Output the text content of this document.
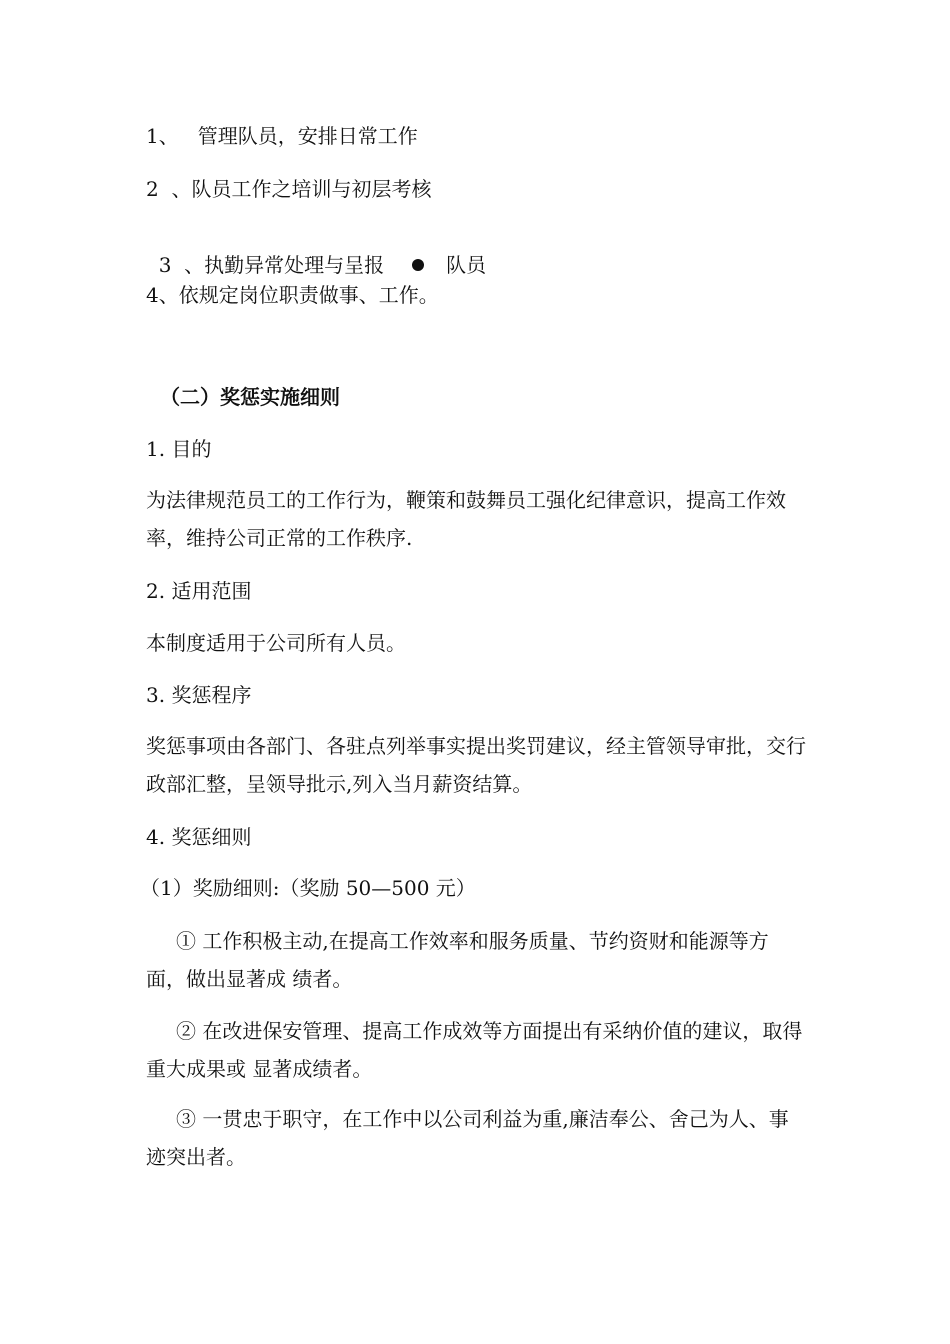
1、   管理队员，安排日常工作
2  、队员工作之培训与初层考核

3  、执勤异常处理与呈报	队员

4、依规定岗位职责做事、工作。
（二）奖惩实施细则
1. 目的
为法律规范员工的工作行为，鞭策和鼓舞员工强化纪律意识，提高工作效率，维持公司正常的工作秩序.
2. 适用范围
本制度适用于公司所有人员。
3. 奖惩程序
奖惩事项由各部门、各驻点列举事实提出奖罚建议，经主管领导审批，交行政部汇整，呈领导批示,列入当月薪资结算。
4. 奖惩细则
（1）奖励细则:（奖励 50—500 元）
① 工作积极主动,在提高工作效率和服务质量、节约资财和能源等方面，做出显著成 绩者。
② 在改进保安管理、提高工作成效等方面提出有采纳价值的建议，取得重大成果或 显著成绩者。
③ 一贯忠于职守，在工作中以公司利益为重,廉洁奉公、舍己为人、事迹突出者。
